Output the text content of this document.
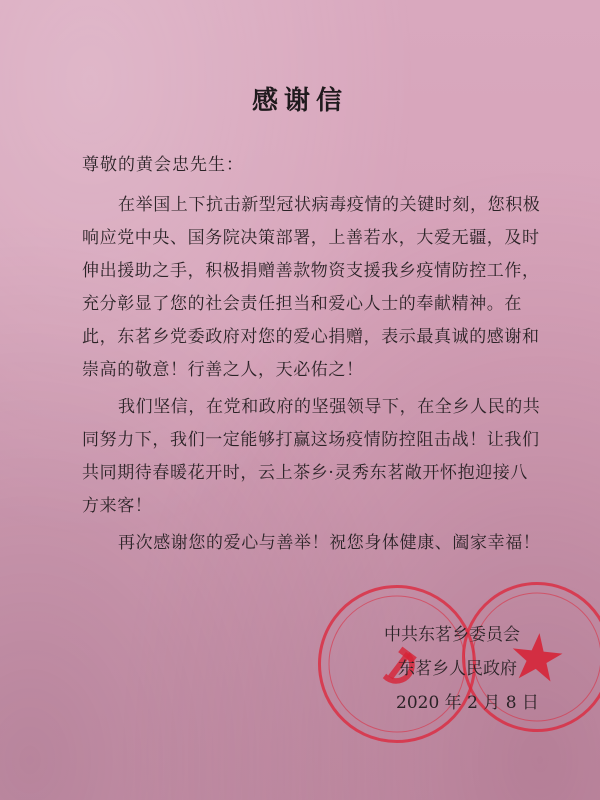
感谢信
尊敬的黄会忠先生：
在举国上下抗击新型冠状病毒疫情的关键时刻，您积极
响应党中央、国务院决策部署，上善若水，大爱无疆，及时
伸出援助之手，积极捐赠善款物资支援我乡疫情防控工作，
充分彰显了您的社会责任担当和爱心人士的奉献精神。在
此，东茗乡党委政府对您的爱心捐赠，表示最真诚的感谢和
崇高的敬意！行善之人，天必佑之！
我们坚信，在党和政府的坚强领导下，在全乡人民的共
同努力下，我们一定能够打赢这场疫情防控阻击战！让我们
共同期待春暖花开时，云上茶乡·灵秀东茗敞开怀抱迎接八
方来客！
再次感谢您的爱心与善举！祝您身体健康、阖家幸福！
中共东茗乡委员会
东茗乡人民政府
2020 年 2 月 8 日
